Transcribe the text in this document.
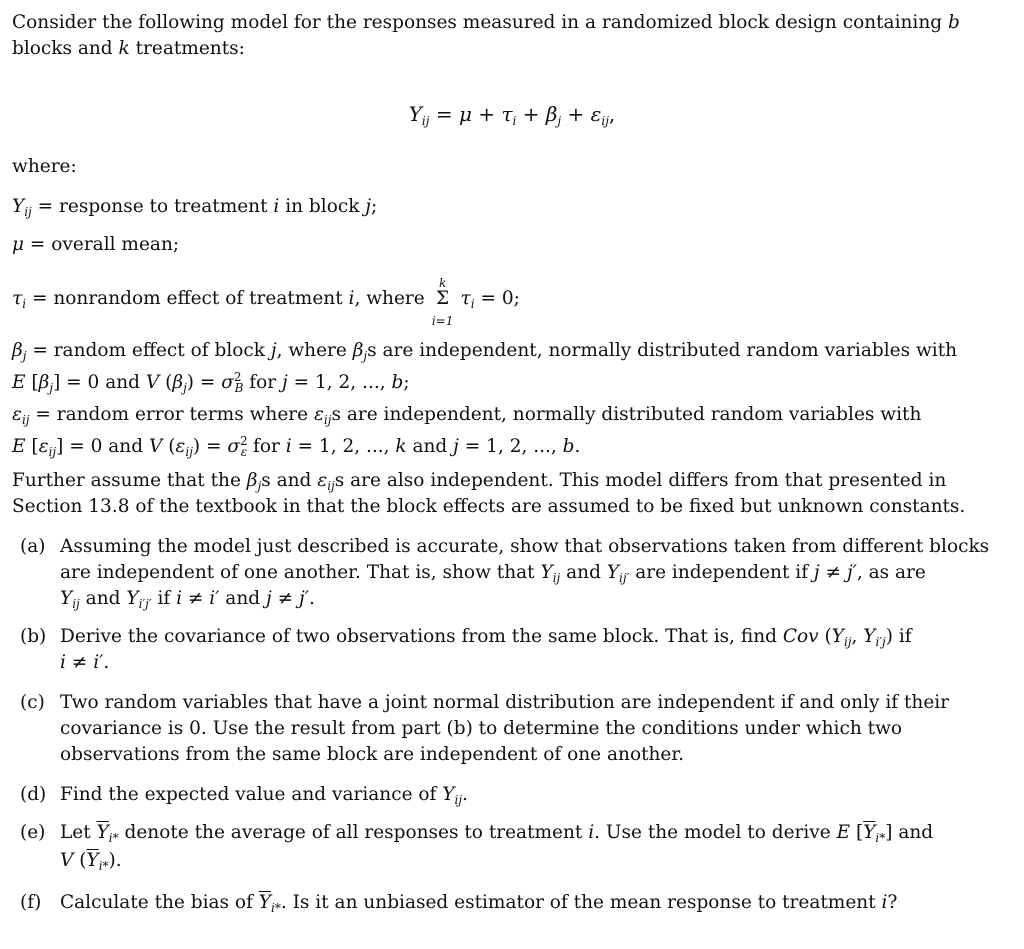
Consider the following model for the responses measured in a randomized block design containing b
blocks and k treatments:
$Y_{ij} = \mu + \tau_i + \beta_j + \varepsilon_{ij}$,
where:
$Y_{ij}$ = response to treatment i in block j;
μ = overall mean;
$\tau_i$ = nonrandom effect of treatment i, where
k
Σ
i=1
$\tau_i = 0$;
$\beta_j$ = random effect of block j, where $\beta_js$ are independent, normally distributed random variables with
E $[\beta_j] = 0$ and V $(\beta_j) = \sigma^2_B$ for j = 1, 2, ..., b;
$\varepsilon_{ij}$ = random error terms where $\varepsilon_{ij}s$ are independent, normally distributed random variables with
E $[\varepsilon_{ij}] = 0$ and V $(\varepsilon_{ij}) = \sigma^2_\varepsilon$ for i = 1, 2, ..., k and j = 1, 2, ..., b.
Further assume that the $\beta_js$ and $\varepsilon_{ij}s$ are also independent. This model differs from that presented in
Section 13.8 of the textbook in that the block effects are assumed to be fixed but unknown constants.
(a) Assuming the model just described is accurate, show that observations taken from different blocks
are independent of one another. That is, show that $Y_{ij}$ and $Y_{ij'}$ are independent if j ≠ j′, as are
$Y_{ij}$ and $Y_{i'j'}$ if i ≠ i′ and j ≠ j′.
(b) Derive the covariance of two observations from the same block. That is, find Cov ($Y_{ij}$, $Y_{i'j}$) if
i ≠ i′.
(c) Two random variables that have a joint normal distribution are independent if and only if their
covariance is 0. Use the result from part (b) to determine the conditions under which two
observations from the same block are independent of one another.
(d) Find the expected value and variance of $Y_{ij}$.
(e) Let $\overline{Y}_{i*}$ denote the average of all responses to treatment i. Use the model to derive E $[\overline{Y}_{i*}]$ and
V $(\overline{Y}_{i*})$.
(f) Calculate the bias of $\overline{Y}_{i*}$. Is it an unbiased estimator of the mean response to treatment i?
